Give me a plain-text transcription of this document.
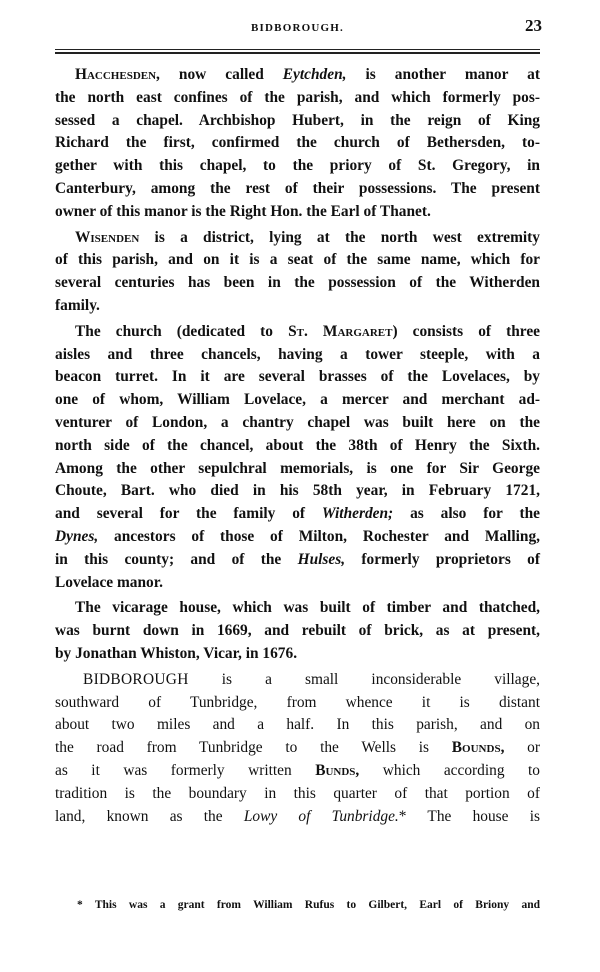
BIDBOROUGH.	23
Hacchesden, now called Eytchden, is another manor at
the north east confines of the parish, and which formerly pos-
sessed a chapel. Archbishop Hubert, in the reign of King
Richard the first, confirmed the church of Bethersden, to-
gether with this chapel, to the priory of St. Gregory, in
Canterbury, among the rest of their possessions. The present
owner of this manor is the Right Hon. the Earl of Thanet.
Wisenden is a district, lying at the north west extremity
of this parish, and on it is a seat of the same name, which for
several centuries has been in the possession of the Witherden
family.
The church (dedicated to St. Margaret) consists of three
aisles and three chancels, having a tower steeple, with a
beacon turret. In it are several brasses of the Lovelaces, by
one of whom, William Lovelace, a mercer and merchant ad-
venturer of London, a chantry chapel was built here on the
north side of the chancel, about the 38th of Henry the Sixth.
Among the other sepulchral memorials, is one for Sir George
Choute, Bart. who died in his 58th year, in February 1721,
and several for the family of Witherden; as also for the
Dynes, ancestors of those of Milton, Rochester and Malling,
in this county; and of the Hulses, formerly proprietors of
Lovelace manor.
The vicarage house, which was built of timber and thatched,
was burnt down in 1669, and rebuilt of brick, as at present,
by Jonathan Whiston, Vicar, in 1676.
BIDBOROUGH is a small inconsiderable village,
southward of Tunbridge, from whence it is distant
about two miles and a half. In this parish, and on
the road from Tunbridge to the Wells is Bounds, or
as it was formerly written Bunds, which according to
tradition is the boundary in this quarter of that portion of
land, known as the Lowy of Tunbridge.* The house is
* This was a grant from William Rufus to Gilbert, Earl of Briony and
